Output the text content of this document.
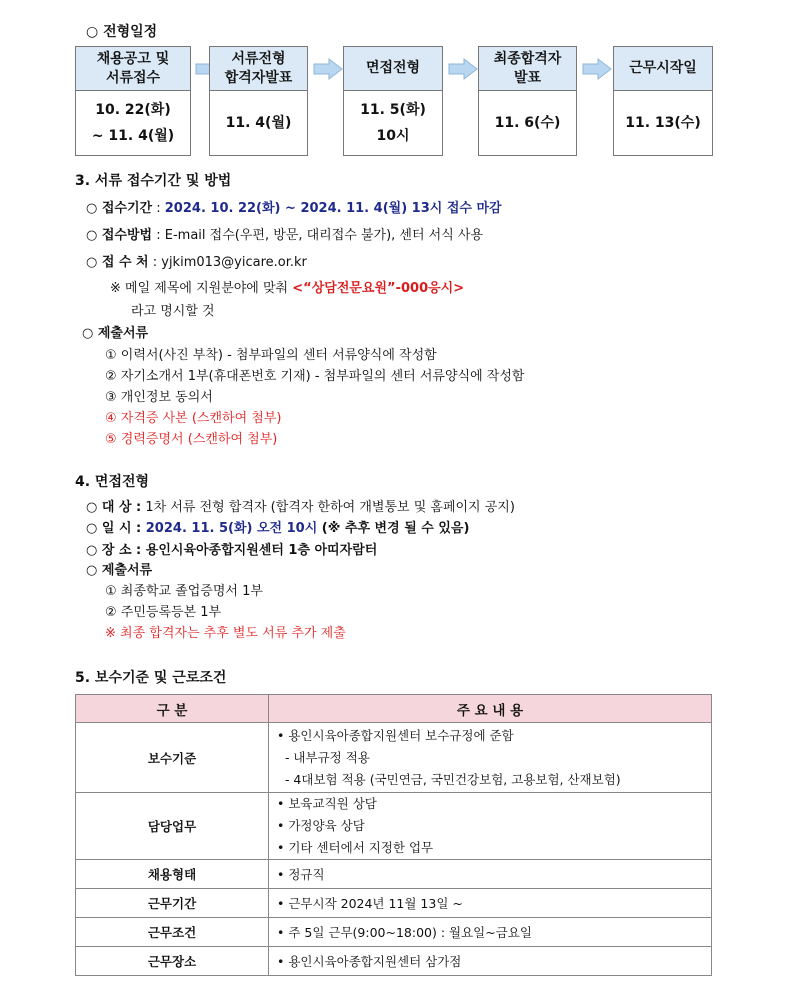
○ 전형일정
채용공고 및
서류접수
10. 22(화)
~ 11. 4(월)
서류전형
합격자발표
11. 4(월)
면접전형
11. 5(화)
10시
최종합격자
발표
11. 6(수)
근무시작일
11. 13(수)
3. 서류 접수기간 및 방법
○ 접수기간 : 2024. 10. 22(화) ~ 2024. 11. 4(월) 13시 접수 마감
○ 접수방법 : E-mail 접수(우편, 방문, 대리접수 불가), 센터 서식 사용
○ 접 수 처 : yjkim013@yicare.or.kr
※ 메일 제목에 지원분야에 맞춰 <“상담전문요원”-000응시>
라고 명시할 것
○ 제출서류
① 이력서(사진 부착) - 첨부파일의 센터 서류양식에 작성함
② 자기소개서 1부(휴대폰번호 기재) - 첨부파일의 센터 서류양식에 작성함
③ 개인정보 동의서
④ 자격증 사본 (스캔하여 첨부)
⑤ 경력증명서 (스캔하여 첨부)
4. 면접전형
○ 대 상 : 1차 서류 전형 합격자 (합격자 한하여 개별통보 및 홈페이지 공지)
○ 일 시 : 2024. 11. 5(화) 오전 10시 (※ 추후 변경 될 수 있음)
○ 장 소 : 용인시육아종합지원센터 1층 아띠자람터
○ 제출서류
① 최종학교 졸업증명서 1부
② 주민등록등본 1부
※ 최종 합격자는 추후 별도 서류 추가 제출
5. 보수기준 및 근로조건
구 분	주 요 내 용
보수기준	• 용인시육아종합지원센터 보수규정에 준함
- 내부규정 적용
- 4대보험 적용 (국민연금, 국민건강보험, 고용보험, 산재보험)

담당업무	• 보육교직원 상담
• 가정양육 상담
• 기타 센터에서 지정한 업무

채용형태	• 정규직
근무기간	• 근무시작 2024년 11월 13일 ~
근무조건	• 주 5일 근무(9:00~18:00) : 월요일~금요일
근무장소	• 용인시육아종합지원센터 삼가점
